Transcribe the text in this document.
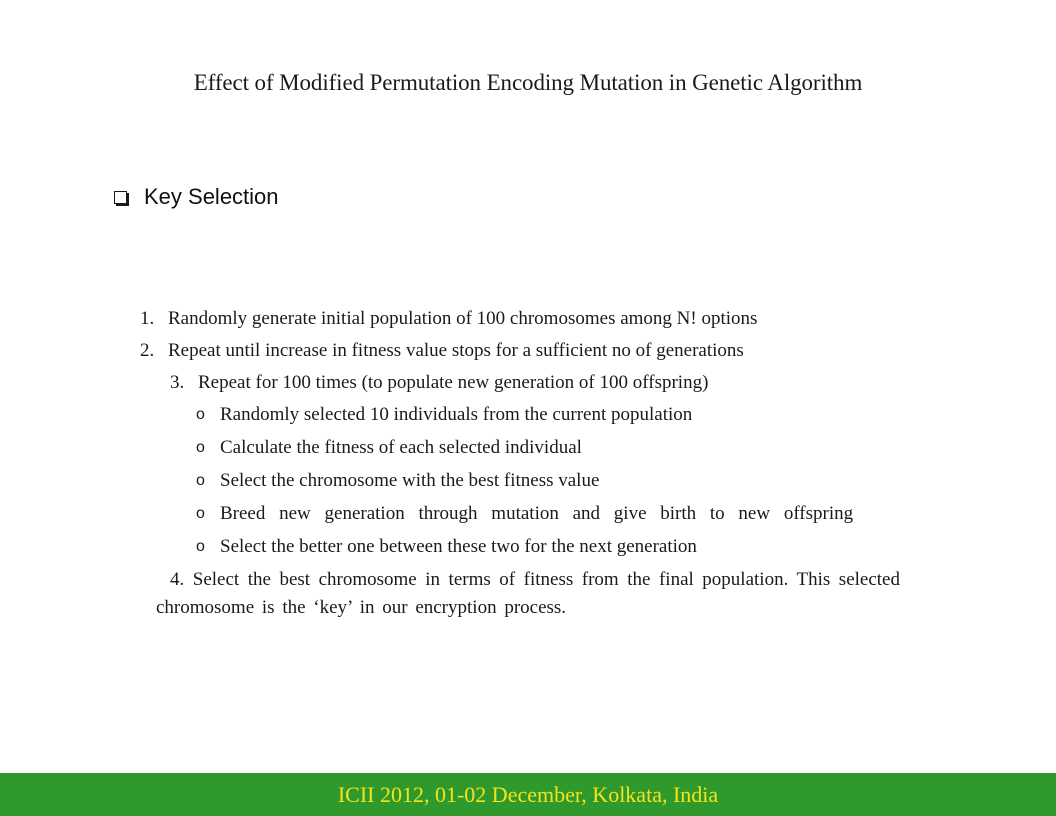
Effect of Modified Permutation Encoding Mutation in Genetic Algorithm
Key Selection
1. Randomly generate initial population of 100 chromosomes among N! options
2. Repeat until increase in fitness value stops for a sufficient no of generations
3. Repeat for 100 times (to populate new generation of 100 offspring)
o Randomly selected 10 individuals from the current population
o Calculate the fitness of each selected individual
o Select the chromosome with the best fitness value
o Breed new generation through mutation and give birth to new offspring
o Select the better one between these two for the next generation
4. Select the best chromosome in terms of fitness from the final population. This selected chromosome is the ‘key’ in our encryption process.
ICII 2012, 01-02 December, Kolkata, India
